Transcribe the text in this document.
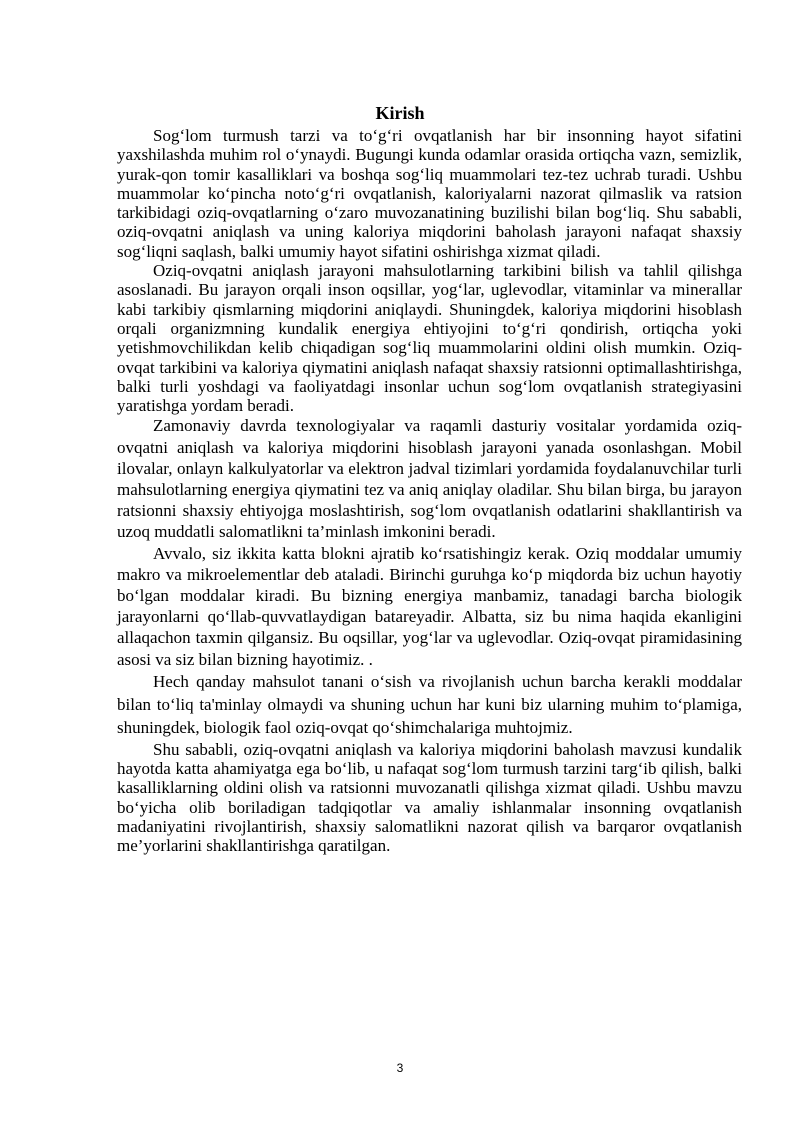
Kirish

Sog‘lom turmush tarzi va to‘g‘ri ovqatlanish har bir insonning hayot sifatini yaxshilashda muhim rol o‘ynaydi. Bugungi kunda odamlar orasida ortiqcha vazn, semizlik, yurak-qon tomir kasalliklari va boshqa sog‘liq muammolari tez-tez uchrab turadi. Ushbu muammolar ko‘pincha noto‘g‘ri ovqatlanish, kaloriyalarni nazorat qilmaslik va ratsion tarkibidagi oziq-ovqatlarning o‘zaro muvozanatining buzilishi bilan bog‘liq. Shu sababli, oziq-ovqatni aniqlash va uning kaloriya miqdorini baholash jarayoni nafaqat shaxsiy sog‘liqni saqlash, balki umumiy hayot sifatini oshirishga xizmat qiladi.

Oziq-ovqatni aniqlash jarayoni mahsulotlarning tarkibini bilish va tahlil qilishga asoslanadi. Bu jarayon orqali inson oqsillar, yog‘lar, uglevodlar, vitaminlar va minerallar kabi tarkibiy qismlarning miqdorini aniqlaydi. Shuningdek, kaloriya miqdorini hisoblash orqali organizmning kundalik energiya ehtiyojini to‘g‘ri qondirish, ortiqcha yoki yetishmovchilikdan kelib chiqadigan sog‘liq muammolarini oldini olish mumkin. Oziq-ovqat tarkibini va kaloriya qiymatini aniqlash nafaqat shaxsiy ratsionni optimallashtirishga, balki turli yoshdagi va faoliyatdagi insonlar uchun sog‘lom ovqatlanish strategiyasini yaratishga yordam beradi.

Zamonaviy davrda texnologiyalar va raqamli dasturiy vositalar yordamida oziq-ovqatni aniqlash va kaloriya miqdorini hisoblash jarayoni yanada osonlashgan. Mobil ilovalar, onlayn kalkulyatorlar va elektron jadval tizimlari yordamida foydalanuvchilar turli mahsulotlarning energiya qiymatini tez va aniq aniqlay oladilar. Shu bilan birga, bu jarayon ratsionni shaxsiy ehtiyojga moslashtirish, sog‘lom ovqatlanish odatlarini shakllantirish va uzoq muddatli salomatlikni ta’minlash imkonini beradi.

Avvalo, siz ikkita katta blokni ajratib ko‘rsatishingiz kerak. Oziq moddalar umumiy makro va mikroelementlar deb ataladi. Birinchi guruhga ko‘p miqdorda biz uchun hayotiy bo‘lgan moddalar kiradi. Bu bizning energiya manbamiz, tanadagi barcha biologik jarayonlarni qo‘llab-quvvatlaydigan batareyadir. Albatta, siz bu nima haqida ekanligini allaqachon taxmin qilgansiz. Bu oqsillar, yog‘lar va uglevodlar. Oziq-ovqat piramidasining asosi va siz bilan bizning hayotimiz. .

Hech qanday mahsulot tanani o‘sish va rivojlanish uchun barcha kerakli moddalar bilan to‘liq ta'minlay olmaydi va shuning uchun har kuni biz ularning muhim to‘plamiga, shuningdek, biologik faol oziq-ovqat qo‘shimchalariga muhtojmiz.

Shu sababli, oziq-ovqatni aniqlash va kaloriya miqdorini baholash mavzusi kundalik hayotda katta ahamiyatga ega bo‘lib, u nafaqat sog‘lom turmush tarzini targ‘ib qilish, balki kasalliklarning oldini olish va ratsionni muvozanatli qilishga xizmat qiladi. Ushbu mavzu bo‘yicha olib boriladigan tadqiqotlar va amaliy ishlanmalar insonning ovqatlanish madaniyatini rivojlantirish, shaxsiy salomatlikni nazorat qilish va barqaror ovqatlanish me’yorlarini shakllantirishga qaratilgan.

3
